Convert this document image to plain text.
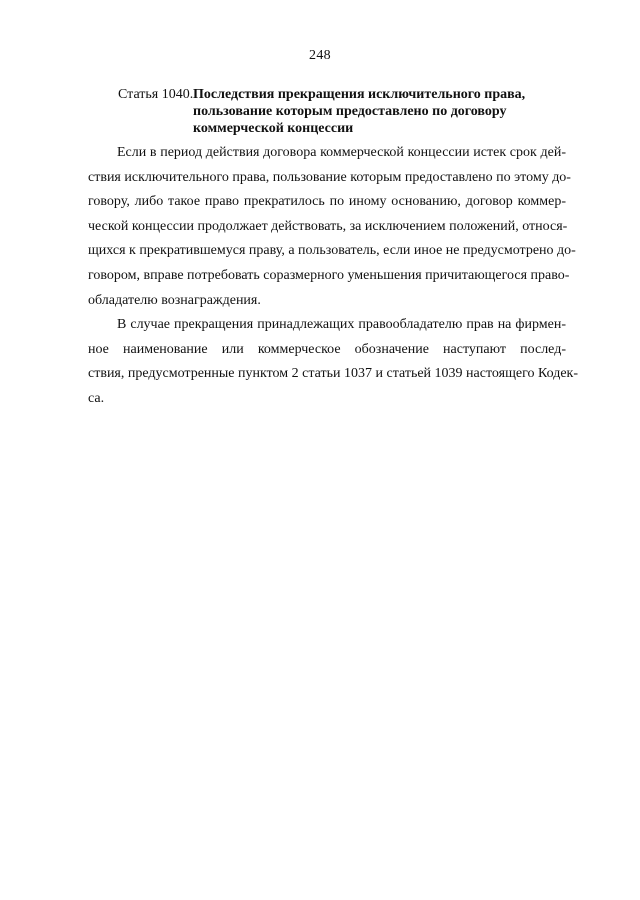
248
Статья 1040. Последствия прекращения исключительного права,
пользование которым предоставлено по договору
коммерческой концессии
Если в период действия договора коммерческой концессии истек срок дей-
ствия исключительного права, пользование которым предоставлено по этому до-
говору, либо такое право прекратилось по иному основанию, договор коммер-
ческой концессии продолжает действовать, за исключением положений, относя-
щихся к прекратившемуся праву, а пользователь, если иное не предусмотрено до-
говором, вправе потребовать соразмерного уменьшения причитающегося право-
обладателю вознаграждения.
В случае прекращения принадлежащих правообладателю прав на фирмен-
ное наименование или коммерческое обозначение наступают послед-
ствия, предусмотренные пунктом 2 статьи 1037 и статьей 1039 настоящего Кодек-
са.
